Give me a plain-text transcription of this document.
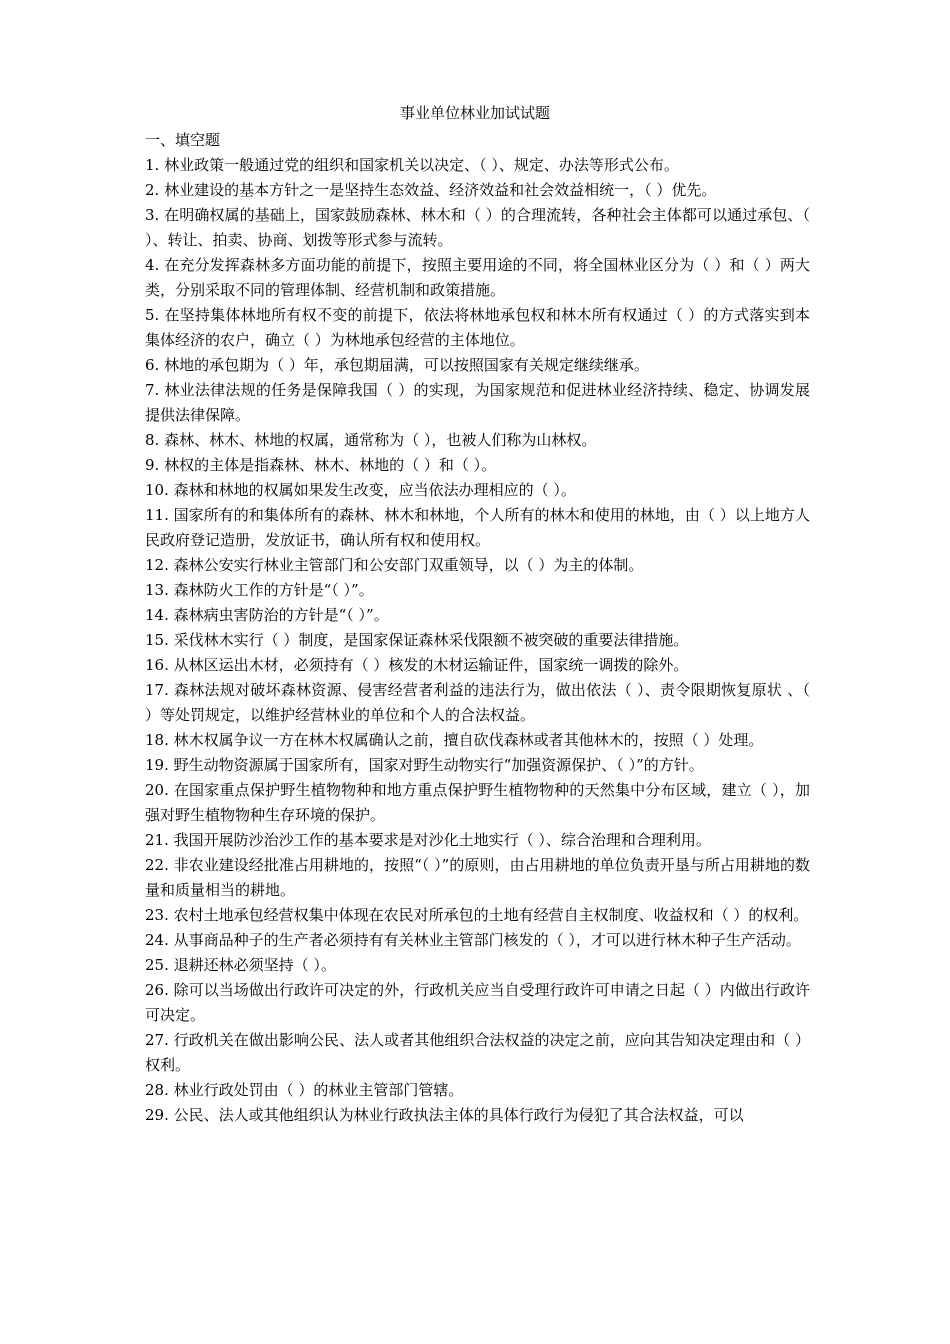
事业单位林业加试试题

一、填空题

1. 林业政策一般通过党的组织和国家机关以决定、（ ）、规定、办法等形式公布。

2. 林业建设的基本方针之一是坚持生态效益、经济效益和社会效益相统一，（ ）优先。

3. 在明确权属的基础上，国家鼓励森林、林木和（ ）的合理流转，各种社会主体都可以通过承包、（ ）、转让、拍卖、协商、划拨等形式参与流转。

4. 在充分发挥森林多方面功能的前提下，按照主要用途的不同，将全国林业区分为（ ）和（ ）两大类，分别采取不同的管理体制、经营机制和政策措施。

5. 在坚持集体林地所有权不变的前提下，依法将林地承包权和林木所有权通过（ ）的方式落实到本集体经济的农户，确立（ ）为林地承包经营的主体地位。

6. 林地的承包期为（ ）年，承包期届满，可以按照国家有关规定继续继承。

7. 林业法律法规的任务是保障我国（ ）的实现，为国家规范和促进林业经济持续、稳定、协调发展提供法律保障。

8. 森林、林木、林地的权属，通常称为（ ），也被人们称为山林权。

9. 林权的主体是指森林、林木、林地的（ ）和（ ）。

10. 森林和林地的权属如果发生改变，应当依法办理相应的（ ）。

11. 国家所有的和集体所有的森林、林木和林地，个人所有的林木和使用的林地，由（ ）以上地方人民政府登记造册，发放证书，确认所有权和使用权。

12. 森林公安实行林业主管部门和公安部门双重领导，以（ ）为主的体制。

13. 森林防火工作的方针是“（ ）”。

14. 森林病虫害防治的方针是“（ ）”。

15. 采伐林木实行（ ）制度，是国家保证森林采伐限额不被突破的重要法律措施。

16. 从林区运出木材，必须持有（ ）核发的木材运输证件，国家统一调拨的除外。

17. 森林法规对破坏森林资源、侵害经营者利益的违法行为，做出依法（ ）、责令限期恢复原状 、（ ）等处罚规定，以维护经营林业的单位和个人的合法权益。

18. 林木权属争议一方在林木权属确认之前，擅自砍伐森林或者其他林木的，按照（ ）处理。

19. 野生动物资源属于国家所有，国家对野生动物实行“加强资源保护、（ ）”的方针。

20. 在国家重点保护野生植物物种和地方重点保护野生植物物种的天然集中分布区域，建立（ ），加强对野生植物物种生存环境的保护。

21. 我国开展防沙治沙工作的基本要求是对沙化土地实行（ ）、综合治理和合理利用。

22. 非农业建设经批准占用耕地的，按照“（ ）”的原则，由占用耕地的单位负责开垦与所占用耕地的数量和质量相当的耕地。

23. 农村土地承包经营权集中体现在农民对所承包的土地有经营自主权制度、收益权和（ ）的权利。

24. 从事商品种子的生产者必须持有有关林业主管部门核发的（ ），才可以进行林木种子生产活动。

25. 退耕还林必须坚持（ ）。

26. 除可以当场做出行政许可决定的外，行政机关应当自受理行政许可申请之日起（ ）内做出行政许可决定。

27. 行政机关在做出影响公民、法人或者其他组织合法权益的决定之前，应向其告知决定理由和（ ）权利。

28. 林业行政处罚由（ ）的林业主管部门管辖。

29. 公民、法人或其他组织认为林业行政执法主体的具体行政行为侵犯了其合法权益，可以
